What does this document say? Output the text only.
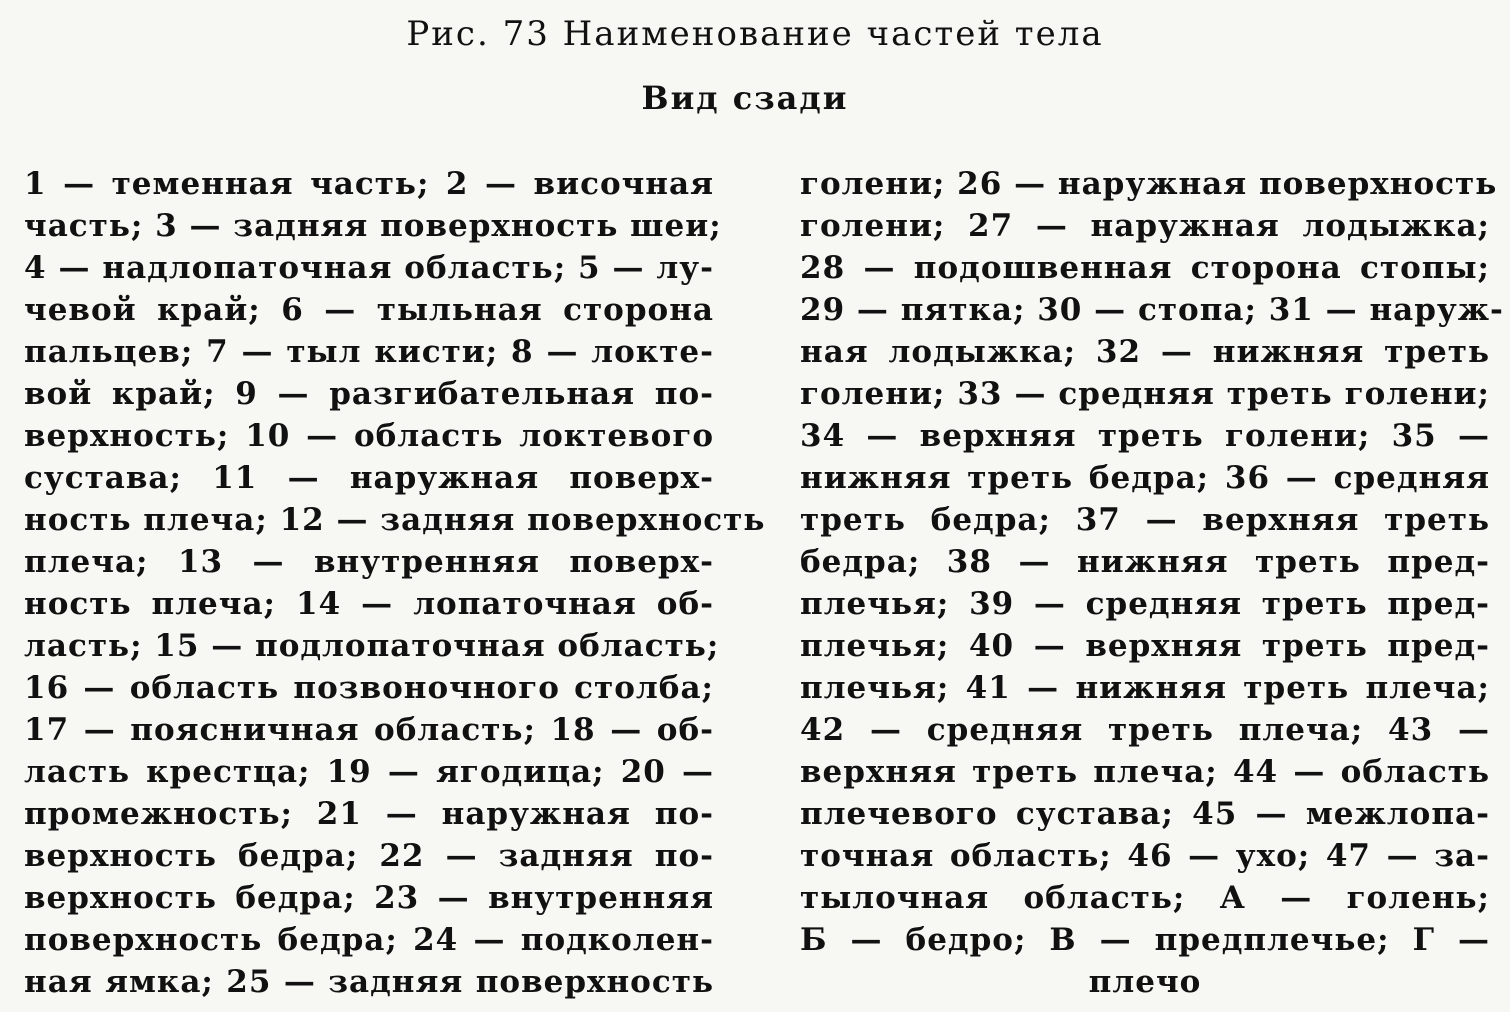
Рис. 73 Наименование частей тела
Вид сзади
1 — теменная часть; 2 — височная
часть; 3 — задняя поверхность шеи;
4 — надлопаточная область; 5 — лу-
чевой край; 6 — тыльная сторона
пальцев; 7 — тыл кисти; 8 — локте-
вой край; 9 — разгибательная по-
верхность; 10 — область локтевого
сустава; 11 — наружная поверх-
ность плеча; 12 — задняя поверхность
плеча; 13 — внутренняя поверх-
ность плеча; 14 — лопаточная об-
ласть; 15 — подлопаточная область;
16 — область позвоночного столба;
17 — поясничная область; 18 — об-
ласть крестца; 19 — ягодица; 20 —
промежность; 21 — наружная по-
верхность бедра; 22 — задняя по-
верхность бедра; 23 — внутренняя
поверхность бедра; 24 — подколен-
ная ямка; 25 — задняя поверхность
голени; 26 — наружная поверхность
голени; 27 — наружная лодыжка;
28 — подошвенная сторона стопы;
29 — пятка; 30 — стопа; 31 — наруж-
ная лодыжка; 32 — нижняя треть
голени; 33 — средняя треть голени;
34 — верхняя треть голени; 35 —
нижняя треть бедра; 36 — средняя
треть бедра; 37 — верхняя треть
бедра; 38 — нижняя треть пред-
плечья; 39 — средняя треть пред-
плечья; 40 — верхняя треть пред-
плечья; 41 — нижняя треть плеча;
42 — средняя треть плеча; 43 —
верхняя треть плеча; 44 — область
плечевого сустава; 45 — межлопа-
точная область; 46 — ухо; 47 — за-
тылочная область; А — голень;
Б — бедро; В — предплечье; Г —
плечо
